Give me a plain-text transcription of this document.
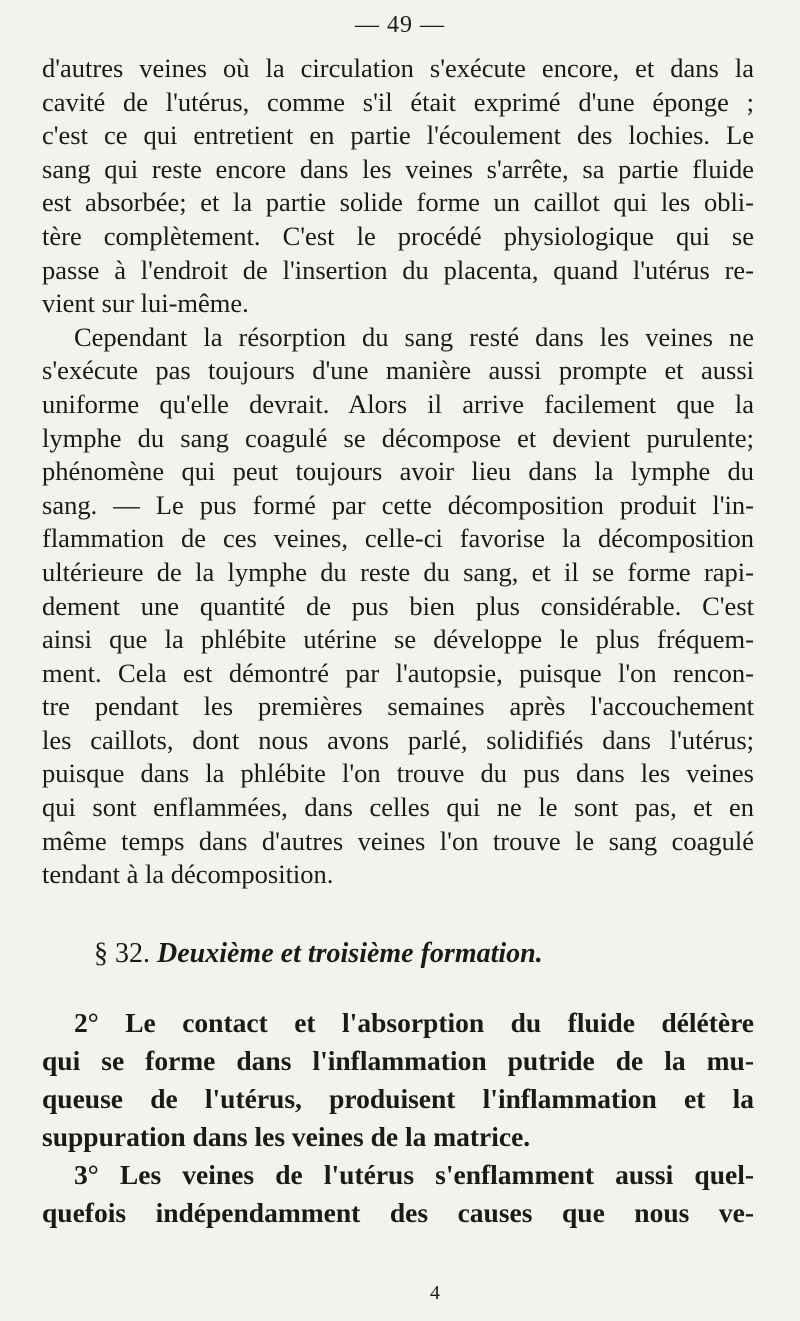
— 49 —
d'autres veines où la circulation s'exécute encore, et dans la
cavité de l'utérus, comme s'il était exprimé d'une éponge ;
c'est ce qui entretient en partie l'écoulement des lochies. Le
sang qui reste encore dans les veines s'arrête, sa partie fluide
est absorbée; et la partie solide forme un caillot qui les obli-
tère complètement. C'est le procédé physiologique qui se
passe à l'endroit de l'insertion du placenta, quand l'utérus re-
vient sur lui-même.
Cependant la résorption du sang resté dans les veines ne
s'exécute pas toujours d'une manière aussi prompte et aussi
uniforme qu'elle devrait. Alors il arrive facilement que la
lymphe du sang coagulé se décompose et devient purulente;
phénomène qui peut toujours avoir lieu dans la lymphe du
sang. — Le pus formé par cette décomposition produit l'in-
flammation de ces veines, celle-ci favorise la décomposition
ultérieure de la lymphe du reste du sang, et il se forme rapi-
dement une quantité de pus bien plus considérable. C'est
ainsi que la phlébite utérine se développe le plus fréquem-
ment. Cela est démontré par l'autopsie, puisque l'on rencon-
tre pendant les premières semaines après l'accouchement
les caillots, dont nous avons parlé, solidifiés dans l'utérus;
puisque dans la phlébite l'on trouve du pus dans les veines
qui sont enflammées, dans celles qui ne le sont pas, et en
même temps dans d'autres veines l'on trouve le sang coagulé
tendant à la décomposition.
§ 32. Deuxième et troisième formation.
2° Le contact et l'absorption du fluide délétère
qui se forme dans l'inflammation putride de la mu-
queuse de l'utérus, produisent l'inflammation et la
suppuration dans les veines de la matrice.
3° Les veines de l'utérus s'enflamment aussi quel-
quefois indépendamment des causes que nous ve-
4
